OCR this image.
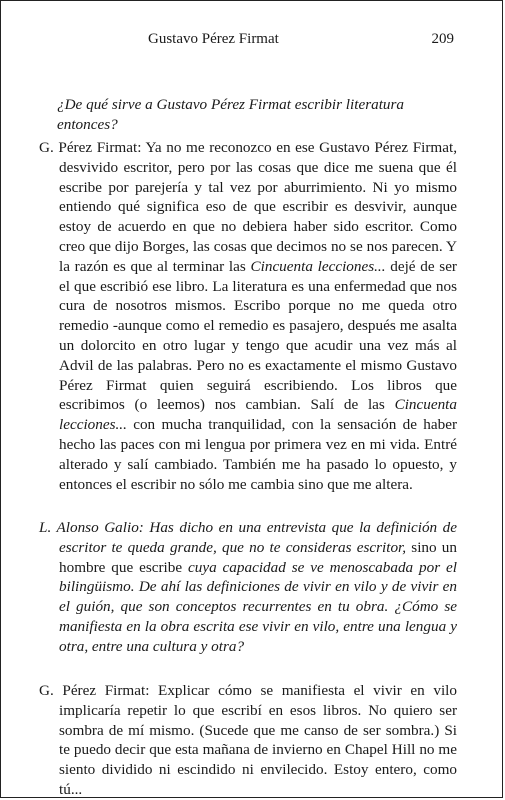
Gustavo Pérez Firmat	209
¿De qué sirve a Gustavo Pérez Firmat escribir literatura entonces?

G. Pérez Firmat: Ya no me reconozco en ese Gustavo Pérez Firmat, desvivido escritor, pero por las cosas que dice me suena que él escribe por parejería y tal vez por aburrimiento. Ni yo mismo entiendo qué significa eso de que escribir es desvivir, aunque estoy de acuerdo en que no debiera haber sido escritor. Como creo que dijo Borges, las cosas que decimos no se nos parecen. Y la razón es que al terminar las Cincuenta lecciones... dejé de ser el que escribió ese libro. La literatura es una enfermedad que nos cura de nosotros mismos. Escribo porque no me queda otro remedio -aunque como el remedio es pasajero, después me asalta un dolorcito en otro lugar y tengo que acudir una vez más al Advil de las palabras. Pero no es exactamente el mismo Gustavo Pérez Firmat quien seguirá escribiendo. Los libros que escribimos (o leemos) nos cambian. Salí de las Cincuenta lecciones... con mucha tranquilidad, con la sensación de haber hecho las paces con mi lengua por primera vez en mi vida. Entré alterado y salí cambiado. También me ha pasado lo opuesto, y entonces el escribir no sólo me cambia sino que me altera.

L. Alonso Galio: Has dicho en una entrevista que la definición de escritor te queda grande, que no te consideras escritor, sino un hombre que escribe cuya capacidad se ve menoscabada por el bilingüismo. De ahí las definiciones de vivir en vilo y de vivir en el guión, que son conceptos recurrentes en tu obra. ¿Cómo se manifiesta en la obra escrita ese vivir en vilo, entre una lengua y otra, entre una cultura y otra?

G. Pérez Firmat: Explicar cómo se manifiesta el vivir en vilo implicaría repetir lo que escribí en esos libros. No quiero ser sombra de mí mismo. (Sucede que me canso de ser sombra.) Si te puedo decir que esta mañana de invierno en Chapel Hill no me siento dividido ni escindido ni envilecido. Estoy entero, como tú...
